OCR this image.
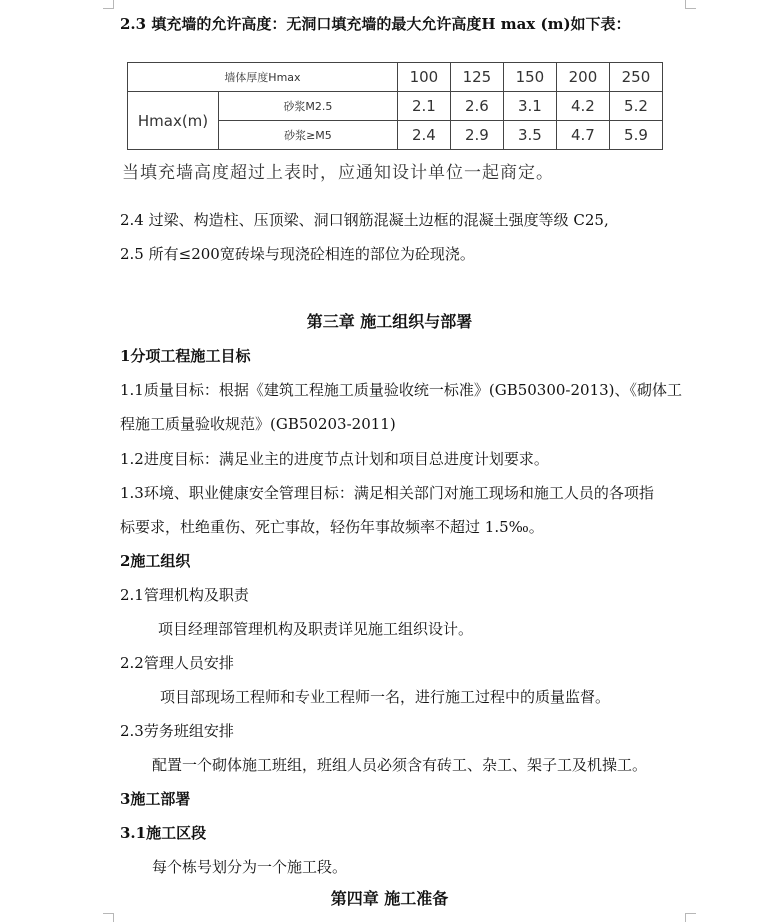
2.3 填充墙的允许高度：无洞口填充墙的最大允许高度H max (m)如下表：
墙体厚度Hmax		100	125	150	200	250
Hmax(m)	砂浆M2.5	2.1	2.6	3.1	4.2	5.2
	砂浆≥M5	2.4	2.9	3.5	4.7	5.9
当填充墙高度超过上表时，应通知设计单位一起商定。
2.4 过梁、构造柱、压顶梁、洞口钢筋混凝土边框的混凝土强度等级 C25,
2.5 所有≤200宽砖垛与现浇砼相连的部位为砼现浇。
第三章 施工组织与部署
1分项工程施工目标
1.1质量目标：根据《建筑工程施工质量验收统一标准》(GB50300-2013)、《砌体工
程施工质量验收规范》(GB50203-2011)
1.2进度目标：满足业主的进度节点计划和项目总进度计划要求。
1.3环境、职业健康安全管理目标：满足相关部门对施工现场和施工人员的各项指
标要求，杜绝重伤、死亡事故，轻伤年事故频率不超过 1.5‰。
2施工组织
2.1管理机构及职责
项目经理部管理机构及职责详见施工组织设计。
2.2管理人员安排
项目部现场工程师和专业工程师一名，进行施工过程中的质量监督。
2.3劳务班组安排
配置一个砌体施工班组，班组人员必须含有砖工、杂工、架子工及机操工。
3施工部署
3.1施工区段
每个栋号划分为一个施工段。
第四章 施工准备
